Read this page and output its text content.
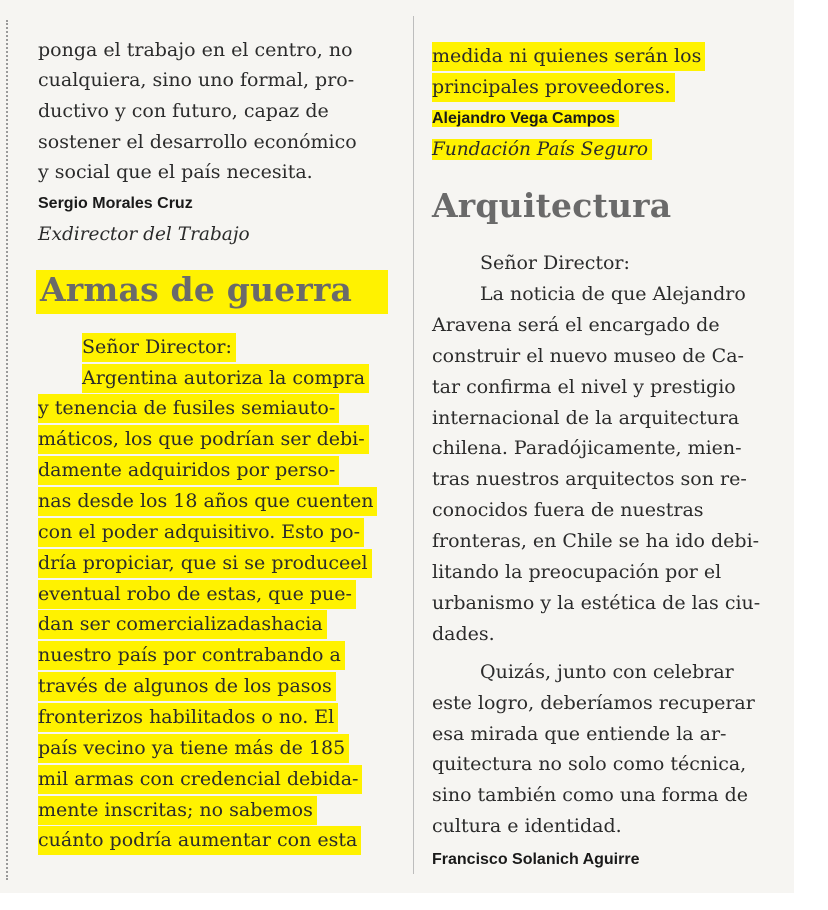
ponga el trabajo en el centro, no

cualquiera, sino uno formal, pro-

ductivo y con futuro, capaz de

sostener el desarrollo económico

y social que el país necesita.

Sergio Morales Cruz

Exdirector del Trabajo

Armas de guerra

Señor Director:

Argentina autoriza la compra

y tenencia de fusiles semiauto-

máticos, los que podrían ser debi-

damente adquiridos por perso-

nas desde los 18 años que cuenten

con el poder adquisitivo. Esto po-

dría propiciar, que si se produceel

eventual robo de estas, que pue-

dan ser comercializadashacia

nuestro país por contrabando a

través de algunos de los pasos

fronterizos habilitados o no. El

país vecino ya tiene más de 185

mil armas con credencial debida-

mente inscritas; no sabemos

cuánto podría aumentar con esta

medida ni quienes serán los

principales proveedores.

Alejandro Vega Campos

Fundación País Seguro

Arquitectura

Señor Director:

La noticia de que Alejandro

Aravena será el encargado de

construir el nuevo museo de Ca-

tar confirma el nivel y prestigio

internacional de la arquitectura

chilena. Paradójicamente, mien-

tras nuestros arquitectos son re-

conocidos fuera de nuestras

fronteras, en Chile se ha ido debi-

litando la preocupación por el

urbanismo y la estética de las ciu-

dades.

Quizás, junto con celebrar

este logro, deberíamos recuperar

esa mirada que entiende la ar-

quitectura no solo como técnica,

sino también como una forma de

cultura e identidad.

Francisco Solanich Aguirre
